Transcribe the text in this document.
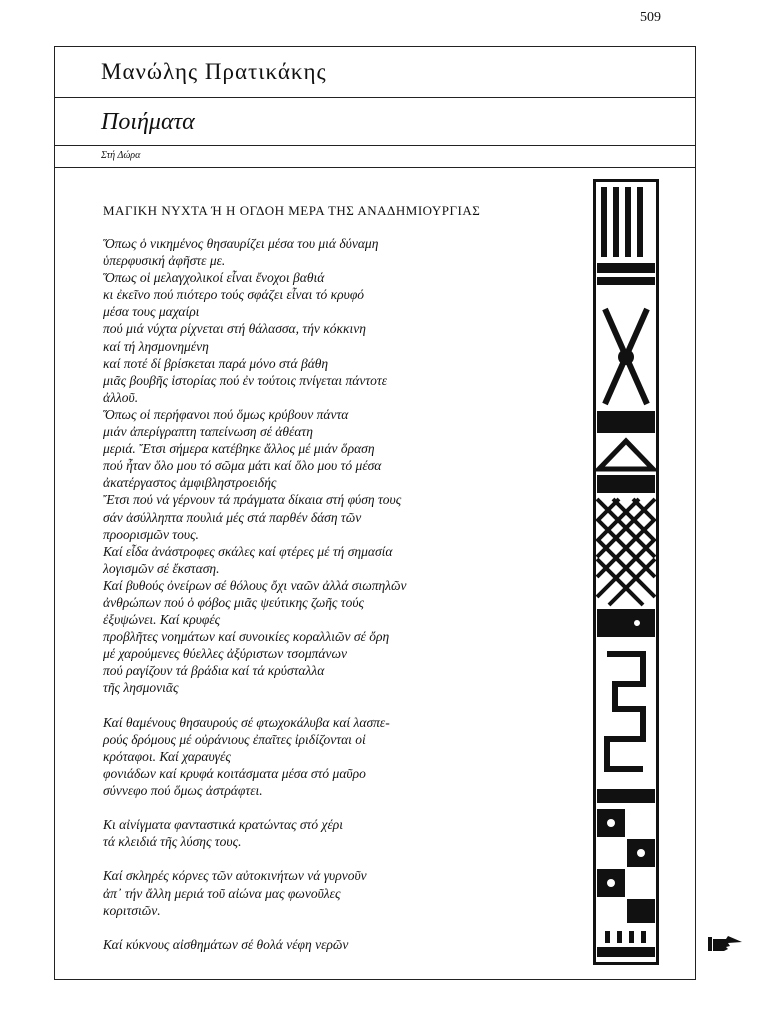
509
Μανώλης Πρατικάκης
Ποιήματα
Στή Δώρα
ΜΑΓΙΚΗ ΝΥΧΤΑ Ή Η ΟΓΔΟΗ ΜΕΡΑ ΤΗΣ ΑΝΑΔΗΜΙΟΥΡΓΙΑΣ
Ὅπως ὁ νικημένος θησαυρίζει μέσα του μιά δύναμη
ὑπερφυσική ἀφῆστε με.
Ὅπως οἱ μελαγχολικοί εἶναι ἔνοχοι βαθιά
κι ἐκεῖνο πού πιότερο τούς σφάζει εἶναι τό κρυφό
μέσα τους μαχαίρι
πού μιά νύχτα ρίχνεται στή θάλασσα, τήν κόκκινη
καί τή λησμονημένη
καί ποτέ δί βρίσκεται παρά μόνο στά βάθη
μιᾶς βουβῆς ἱστορίας πού ἐν τούτοις πνίγεται πάντοτε
ἀλλοῦ.
Ὅπως οἱ περήφανοι πού ὅμως κρύβουν πάντα
μιάν ἀπερίγραπτη ταπείνωση σέ ἀθέατη
μεριά. Ἔτσι σήμερα κατέβηκε ἄλλος μέ μιάν ὅραση
πού ἦταν ὅλο μου τό σῶμα μάτι καί ὅλο μου τό μέσα
ἀκατέργαστος ἀμφιβληστροειδής
Ἔτσι πού νά γέρνουν τά πράγματα δίκαια στή φύση τους
σάν ἀσύλληπτα πουλιά μές στά παρθέν δάση τῶν
προορισμῶν τους.
Καί εἶδα ἀνάστροφες σκάλες καί φτέρες μέ τή σημασία
λογισμῶν σέ ἔκσταση.
Καί βυθούς ὀνείρων σέ θόλους ὄχι ναῶν ἀλλά σιωπηλῶν
ἀνθρώπων πού ὁ φόβος μιᾶς ψεύτικης ζωῆς τούς
ἐξυψώνει. Καί κρυφές
προβλῆτες νοημάτων καί συνοικίες κοραλλιῶν σέ ὄρη
μέ χαρούμενες θύελλες ἀξύριστων τσομπάνων
πού ραγίζουν τά βράδια καί τά κρύσταλλα
τῆς λησμονιᾶς
Καί θαμένους θησαυρούς σέ φτωχοκάλυβα καί λασπε-
ρούς δρόμους μέ οὐράνιους ἐπαῖτες ἰριδίζονται οἱ
κρόταφοι. Καί χαραυγές
φονιάδων καί κρυφά κοιτάσματα μέσα στό μαῦρο
σύννεφο πού ὅμως ἀστράφτει.
Κι αἰνίγματα φανταστικά κρατώντας στό χέρι
τά κλειδιά τῆς λύσης τους.
Καί σκληρές κόρνες τῶν αὐτοκινήτων νά γυρνοῦν
ἀπ᾽ τήν ἄλλη μεριά τοῦ αἰώνα μας φωνοῦλες
κοριτσιῶν.
Καί κύκνους αἰσθημάτων σέ θολά νέφη νερῶν
